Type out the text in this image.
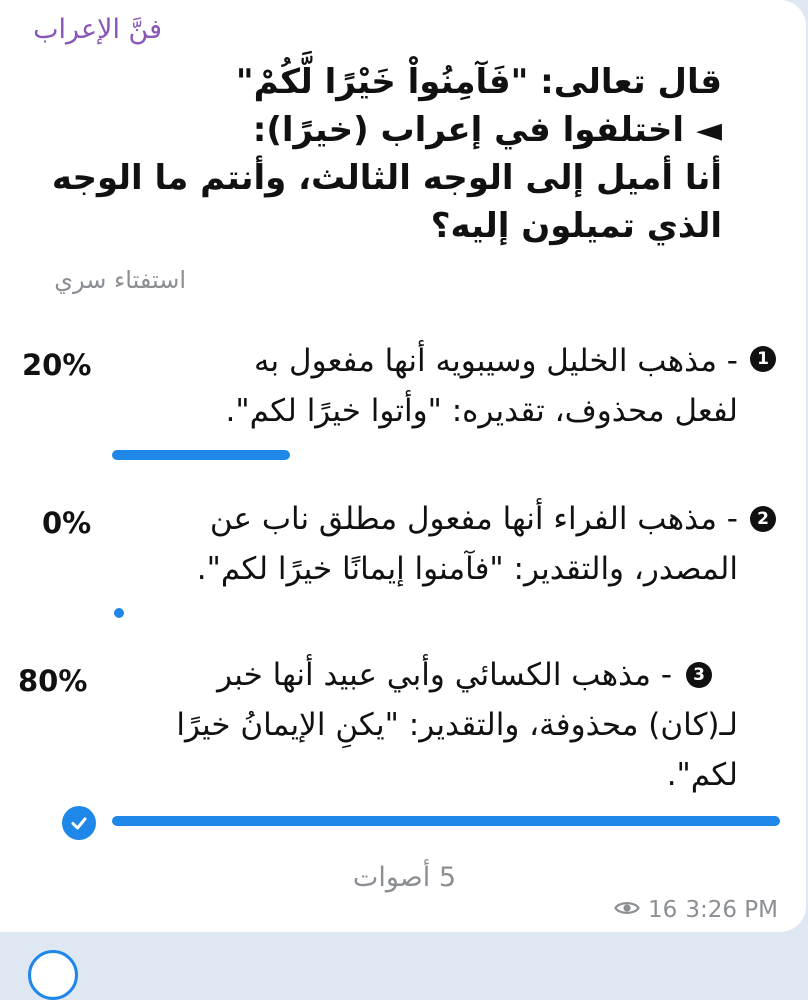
فنَّ الإعراب
قال تعالى: "فَآمِنُواْ خَيْرًا لَّكُمْ"
◄ اختلفوا في إعراب (خيرًا):
أنا أميل إلى الوجه الثالث، وأنتم ما الوجه
الذي تميلون إليه؟
استفتاء سري
20%	1
- مذهب الخليل وسيبويه أنها مفعول به
لفعل محذوف، تقديره: "وأتوا خيرًا لكم".
0%	2
- مذهب الفراء أنها مفعول مطلق ناب عن
المصدر، والتقدير: "فآمنوا إيمانًا خيرًا لكم".
80%	3
- مذهب الكسائي وأبي عبيد أنها خبر
لـ(كان) محذوفة، والتقدير: "يكنِ الإيمانُ خيرًا
لكم".
5 أصوات
16 3:26 PM
